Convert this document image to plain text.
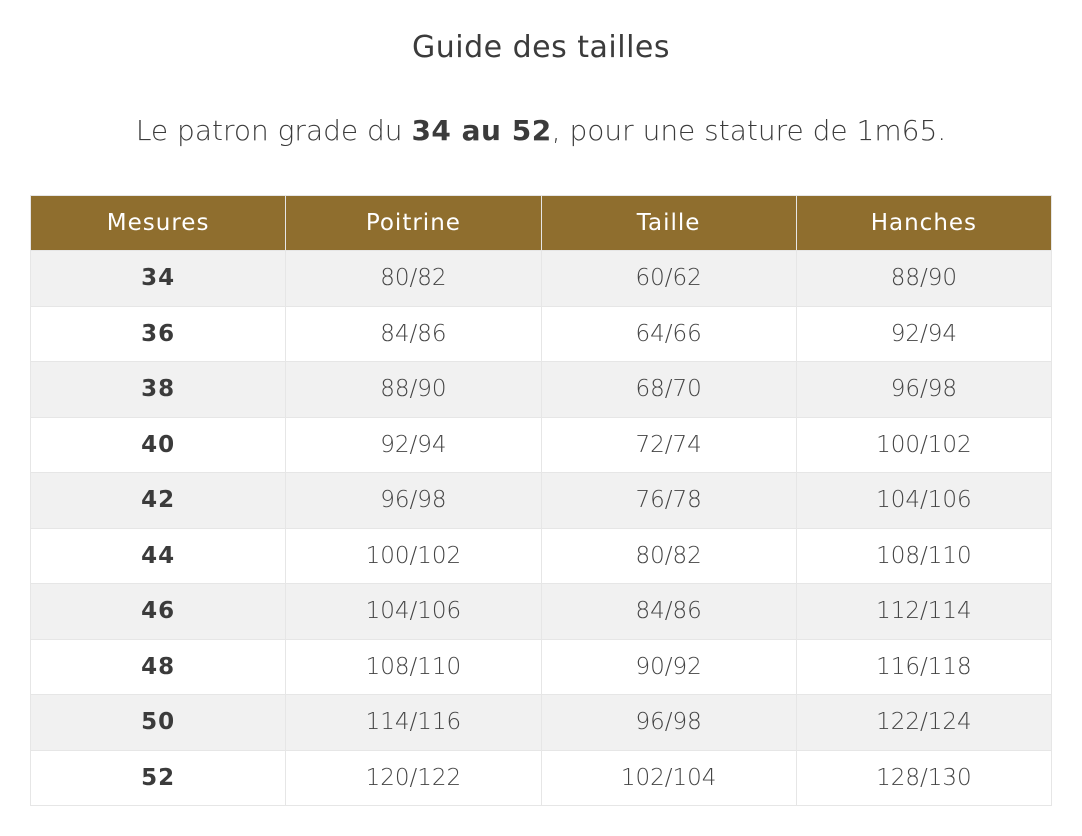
Guide des tailles
Le patron grade du 34 au 52, pour une stature de 1m65.
Mesures	Poitrine	Taille	Hanches
34	80/82	60/62	88/90
36	84/86	64/66	92/94
38	88/90	68/70	96/98
40	92/94	72/74	100/102
42	96/98	76/78	104/106
44	100/102	80/82	108/110
46	104/106	84/86	112/114
48	108/110	90/92	116/118
50	114/116	96/98	122/124
52	120/122	102/104	128/130
